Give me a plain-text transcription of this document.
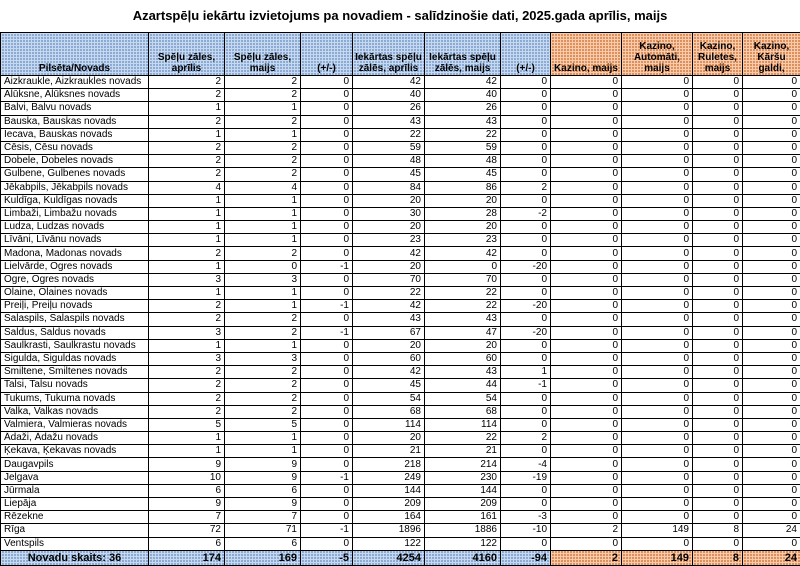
Azartspēļu iekārtu izvietojums pa novadiem - salīdzinošie dati, 2025.gada aprīlis, maijs
Pilsēta/Novads	Spēļu zāles, aprīlis	Spēļu zāles, maijs	(+/-)	Iekārtas spēļu zālēs, aprīlis	Iekārtas spēļu zālēs, maijs	(+/-)	Kazino, maijs	Kazino, Automāti, maijs	Kazino, Ruletes, maijs	Kazino, Kāršu galdi,
Aizkraukle, Aizkraukles novads	2	2	0	42	42	0	0	0	0	0
Alūksne, Alūksnes novads	2	2	0	40	40	0	0	0	0	0
Balvi, Balvu novads	1	1	0	26	26	0	0	0	0	0
Bauska, Bauskas novads	2	2	0	43	43	0	0	0	0	0
Iecava, Bauskas novads	1	1	0	22	22	0	0	0	0	0
Cēsis, Cēsu novads	2	2	0	59	59	0	0	0	0	0
Dobele, Dobeles novads	2	2	0	48	48	0	0	0	0	0
Gulbene, Gulbenes novads	2	2	0	45	45	0	0	0	0	0
Jēkabpils, Jēkabpils novads	4	4	0	84	86	2	0	0	0	0
Kuldīga, Kuldīgas novads	1	1	0	20	20	0	0	0	0	0
Limbaži, Limbažu novads	1	1	0	30	28	-2	0	0	0	0
Ludza, Ludzas novads	1	1	0	20	20	0	0	0	0	0
Līvāni, Līvānu novads	1	1	0	23	23	0	0	0	0	0
Madona, Madonas novads	2	2	0	42	42	0	0	0	0	0
Lielvārde, Ogres novads	1	0	-1	20	0	-20	0	0	0	0
Ogre, Ogres novads	3	3	0	70	70	0	0	0	0	0
Olaine, Olaines novads	1	1	0	22	22	0	0	0	0	0
Preiļi, Preiļu novads	2	1	-1	42	22	-20	0	0	0	0
Salaspils, Salaspils novads	2	2	0	43	43	0	0	0	0	0
Saldus, Saldus novads	3	2	-1	67	47	-20	0	0	0	0
Saulkrasti, Saulkrastu novads	1	1	0	20	20	0	0	0	0	0
Sigulda, Siguldas novads	3	3	0	60	60	0	0	0	0	0
Smiltene, Smiltenes novads	2	2	0	42	43	1	0	0	0	0
Talsi, Talsu novads	2	2	0	45	44	-1	0	0	0	0
Tukums, Tukuma novads	2	2	0	54	54	0	0	0	0	0
Valka, Valkas novads	2	2	0	68	68	0	0	0	0	0
Valmiera, Valmieras novads	5	5	0	114	114	0	0	0	0	0
Ādaži, Ādažu novads	1	1	0	20	22	2	0	0	0	0
Ķekava, Ķekavas novads	1	1	0	21	21	0	0	0	0	0
Daugavpils	9	9	0	218	214	-4	0	0	0	0
Jelgava	10	9	-1	249	230	-19	0	0	0	0
Jūrmala	6	6	0	144	144	0	0	0	0	0
Liepāja	9	9	0	209	209	0	0	0	0	0
Rēzekne	7	7	0	164	161	-3	0	0	0	0
Rīga	72	71	-1	1896	1886	-10	2	149	8	24
Ventspils	6	6	0	122	122	0	0	0	0	0
Novadu skaits: 36	174	169	-5	4254	4160	-94	2	149	8	24
